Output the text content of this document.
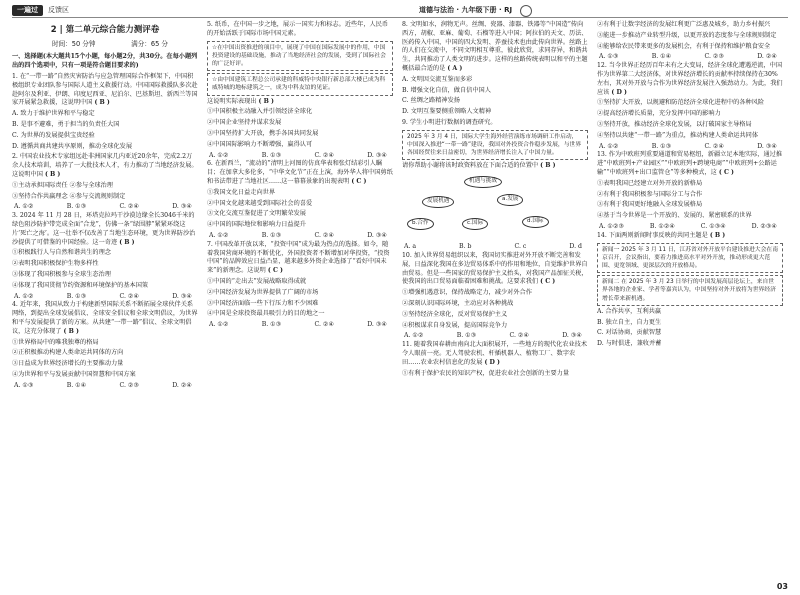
一遍过	反馈区	道德与法治 · 九年级下册 · RJ
2 | 第二单元综合能力测评卷
时间：50 分钟	满分：65 分
一、选择题(本大题共15个小题，每小题2分，共30分。在每小题列出的四个选项中，只有一项是符合题目要求的)
1. 在“一带一路”自然灾害防治与应急管理国际合作框架下，中国积极组织专业团队参与国际人道主义救援行动。中国国际救援队多次赴赴阿尔及利亚、伊朗、印度尼西亚、尼泊尔、巴基斯坦、新西兰等国家开展紧急救援，这说明中国 ( B )
A. 致力于维护世界和平与稳定
B. 是事不避难，勇于担当的负责任大国
C. 为世界的发展提供宝贵经验
D. 遵循共商共建共享原则，推动全球化发展
2. 中国农业技术专家组远赴非洲国家几内亚近20余年，完成2.2万余人技术培训，培养了一大批技术人才，有力推动了当地经济发展。这说明中国 ( B )
①主动承担国际责任 ②参与全球治理
③坚持合作共赢理念 ④参与交流规则制定
A. ①②	B. ①③	C. ②④	D. ③④
3. 2024 年 11 月 28 日，环塔克拉玛干沙漠边缘全长3046千米的绿色阻沙防护带完成全面“合龙”，仿佛一条“绿围脖”紧紧环绕这片‘死亡之海’。这一壮举不仅改善了当地生态环境，更为世界防沙治沙提供了可借鉴的中国经验。这一奇迹 ( B )
①积极践行人与自然和谐共生的理念
②表明我国积极保护生物多样性
③体现了我国积极参与全球生态治理
④体现了我国贯彻节约资源和环境保护的基本国策
A. ①②	B. ①③	C. ②④	D. ③④
4. 近年来，我国从致力于构建新型国际关系不断拓展全球伙伴关系网络，到提出全球发展倡议、全球安全倡议和全球文明倡议，为世界和平与发展提供了新的方案。从共建“一带一路”倡议、全球文明倡议，这充分体现了 ( B )
①世界格局中的唯我独尊的格局
②正积极推动构建人类命运共同体的方向
③日益成为世界经济增长的主要推动力量
④为世界和平与发展贡献中国智慧和中国方案
A. ①③	B. ①④	C. ②③	D. ②④
5. 纸币，在中国一步之地，展示一国实力和标志。近些年，人民币的开始活跃于国际市场中国元素。
☆在中国出资推进的项目中，展现了中国在国际发展中的作用，中国投资建设的基础设施，推动了当地经济社会的发展，受到了国际社会的广泛好评。
☆由中国建筑工程总公司承建的科威特中央银行新总部大楼已成为科威特城的地标建筑之一，成为中科友谊的见证。
这说明实际表现出 ( B )
①中国积极主动融入并引领经济全球化
②中国企业坚持并谋求发展
③中国坚持扩大开放，携手各国共同发展
④中国国际影响力不断增强，赢得认可
A. ①②	B. ①③	C. ②④	D. ③④
6. 在新西兰，“流动的”清明上河图的仿真华表和张灯结彩引人瞩目；在加拿大多伦多，“中华文化节”正在上演，海外华人将中国剪纸和书法带进了当地社区……这一幕幕景象的出现表明 ( C )
①我国文化日益走向世界
②中国文化越来越受到国际社会的喜爱
③文化交流互鉴促进了文明繁荣发展
④中国的国际地位和影响力日益提升
A. ①②	B. ①③	C. ②④	D. ③④
7. 中国改革开放以来，“投资中国”成为最为热点的选择。如今，随着我国营商环境的不断优化，外国投资者不断增加对华投资，“投资中国”的品牌效应日益凸显，越来越多外资企业选择了“看好中国未来”的新理念。这说明 ( C )
①中国的“走出去”发展战略取得成就
②中国经济发展为世界提供了广阔的市场
③中国经济面临一些下行压力和不少困难
④中国是全球投资最具吸引力的目的地之一
A. ①②	B. ①③	C. ②④	D. ③④
8. 文明如水，润物无声。丝绸、瓷器、漆器、铁器等“中国造”传向西方，胡椒、亚麻、葡萄、石榴等进入中国；阿拉伯的天文、历法、医药传入中国，中国的四大发明、养蚕技术也由此传向世界。丝路上的人们在交流中，不同文明相互尊重，彼此欣赏，求同存异，和谐共生，共同推动了人类文明的进步。这样的丝路传统表明以和平的主题概括最合适的是 ( A )
A. 文明因交流互鉴而多彩
B. 增强文化自信，做自信中国人
C. 丝绸之路精神发扬
D. 文明互鉴要侧重领略人文精神
9. 学生小明进行数据的调查研究。
2025 年 3 月 4 日，国际大学生海外经营演练市场调研工作启动，中国深入推进“一带一路”建设，我国对外投资合作稳步发展，与世界各国经贸往来日益密切，为世界经济增长注入了中国力量。
请你帮助小谢将该时政资料放在下面合适的位置中 ( B )
机遇与挑战
发展机遇	a.发展
b.合作	c.国际	d.国际
A. a	B. b	C. c	D. d
10. 加入世界贸易组织以来，我国切实推进对外开放不断完善和发展，日益深化我国在多边贸易体系中的作用和地位，自觉维护世界自由贸易。但是一些国家的贸易保护主义抬头，对我国产品加征关税，使我国的出口贸易面临着困难和挑战。这要求我们 ( C )
①增强机遇意识，保持战略定力，减少对外合作
②深刻认识国际环境，主动应对各种挑战
③坚持经济全球化，反对贸易保护主义
④积极谋求自身发展，提高国际竞争力
A. ①②	B. ①③	C. ②④	D. ③④
11. 随着我国春耕由南向北大面积展开，一些地方的现代化农业技术令人眼前一亮。无人驾驶农机、杆插机器人、植物工厂、数字农田……农业农村信息化的发展 ( D )
①有利于保护农民的知识产权，促进农业社会创新的主要力量
②有利于让数字经济的发展红利更广泛惠及城乡，助力乡村振兴
③能进一步推动产业转型升级，以更开放的态度参与全球规则制定
④能够给农民带来更多的发展机会，有利于保持和维护粮食安全
A. ①③	B. ①④	C. ②③	D. ②④
12. 当今世界正经历百年未有之大变局，经济全球化遭遇逆流，中国作为世界第二大经济体，对世界经济增长的贡献率持续保持在30%左右，其对外开放与合作为世界经济发展注入强劲动力。为此，我们应该 ( D )
①坚持扩大开放，以规避和防范经济全球化进程中的各种风险
②提高经济增长质量，充分发挥中国的影响力
③坚持开放，推动经济全球化发展，以打破国家主导格局
④坚持以共建“一带一路”为重点，推动构建人类命运共同体
A. ①②	B. ①③	C. ②④	D. ③④
13. 作为中欧班列重要通道和贸易枢纽，新疆立足本地实际，通过推进“中欧班列+产业园区”“中欧班列+跨境电商”“中欧班列+公路运输”“中欧班列+出口监管仓”等多种模式，这 ( C )
①表明我国已经建立对外开放的新格局
②有利于我国积极参与国际分工与合作
③有利于我国更好地融入全球发展格局
④基于当今世界是一个开放的、发展的、紧密联系的世界
A. ①②③	B. ①②④	C. ①③④	D. ②③④
14. 下面两则新闻时事反映的共同主题是 ( B )
新闻一 2025 年 3 月 11 日，江苏省对外开放平台建设推进大会在南京召开，会议指出，要着力推进高水平对外开放，推动形成更大范围、更宽领域、更深层次的开放格局。
新闻二 在 2025 年 3 月 23 日举行的中国发展高层论坛上，来自世界各地的企业家、学者等嘉宾认为，中国坚持对外开放将为世界经济增长带来新机遇。
A. 合作共享，互利共赢
B. 独立自主，自力更生
C. 对话协商，贡献智慧
D. 与时俱进，兼收并蓄
03
